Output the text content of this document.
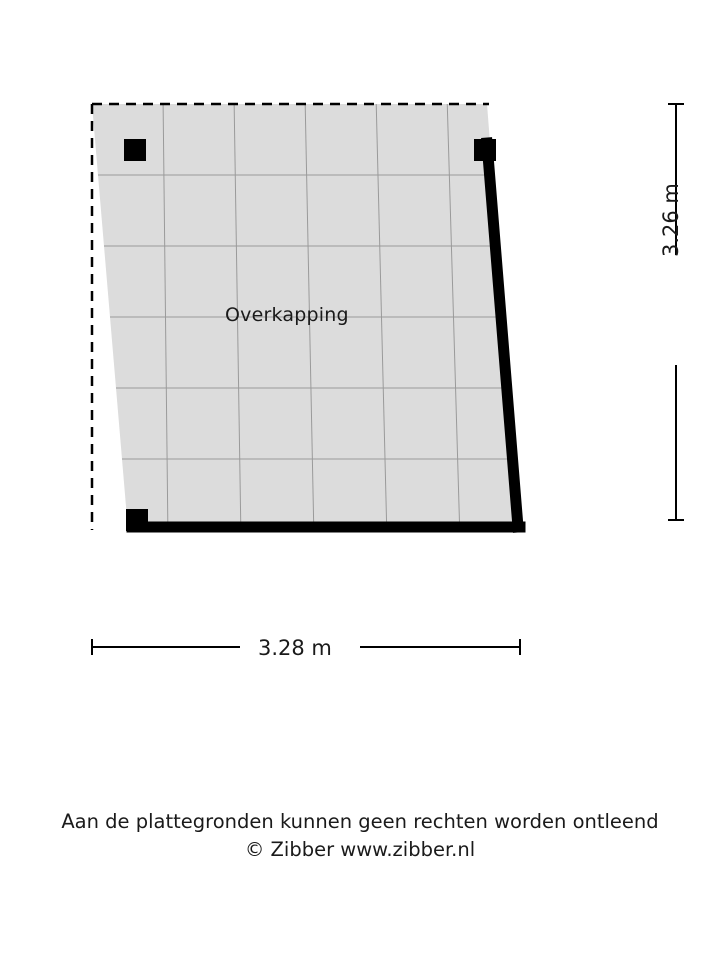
Overkapping
3.28 m
3.26 m
Aan de plattegronden kunnen geen rechten worden ontleend
© Zibber www.zibber.nl
